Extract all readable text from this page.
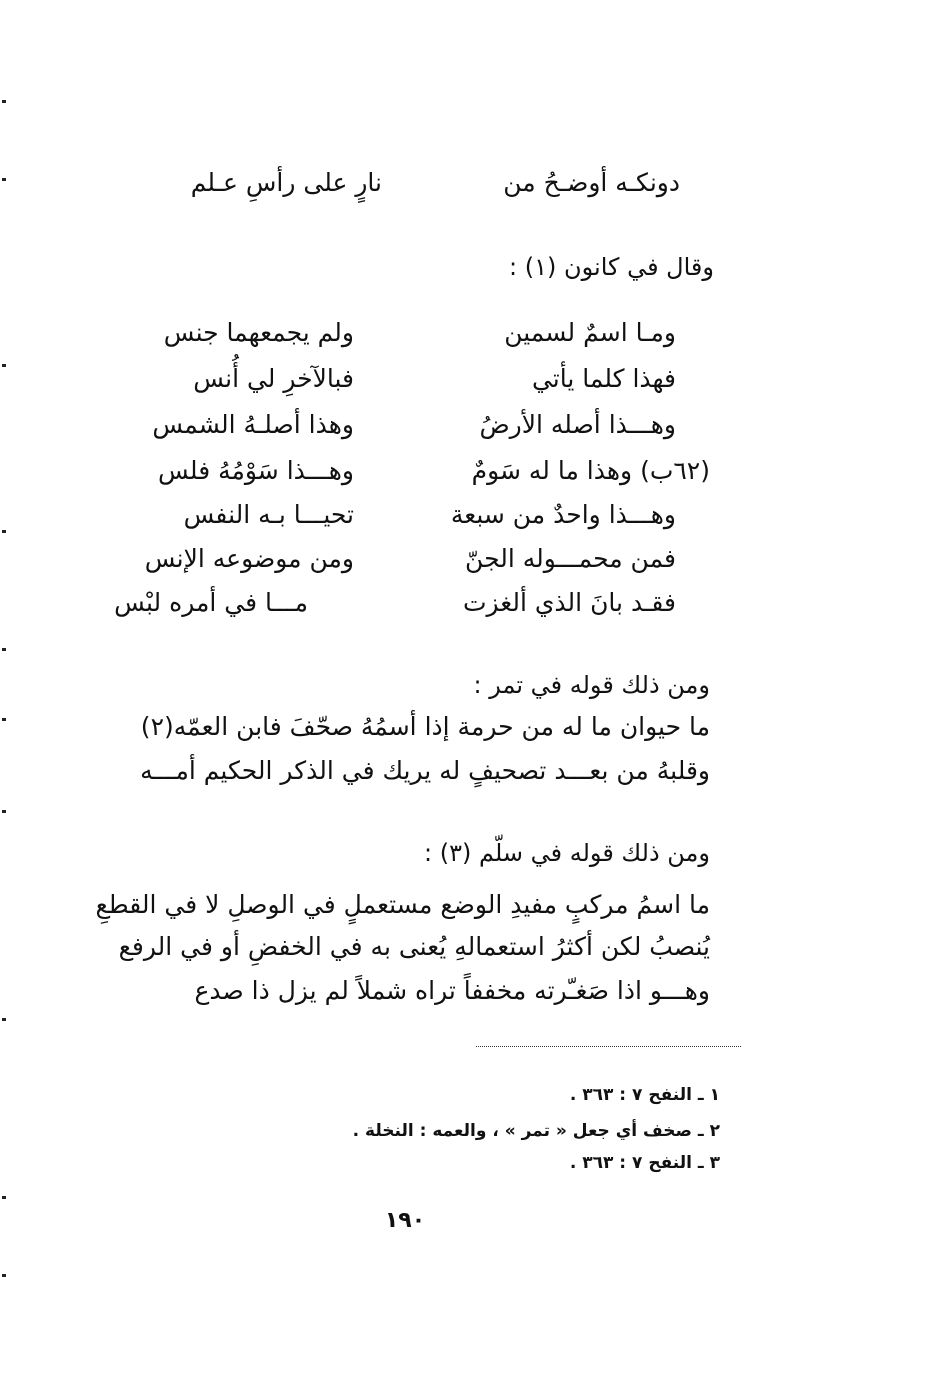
دونكـه أوضـحُ من
نارٍ على رأسِ عـلم
وقال في كانون (١) :
ومـا اسمٌ لسمين
ولم يجمعهما جنس
فهذا كلما يأتي
فبالآخرِ لي أُنس
وهـــذا أصله الأرضُ
وهذا أصلـهُ الشمس
(٦٢ب) وهذا ما له سَومٌ
وهـــذا سَوْمُهُ فلس
وهـــذا واحدٌ من سبعة
تحيـــا بـه النفس
فمن محمـــوله الجنّ
ومن موضوعه الإنس
فقـد بانَ الذي ألغزت
مـــا في أمره لبْس
ومن ذلك قوله في تمر :
ما حيوان ما له من حرمة إذا أسمُهُ صحّفَ فابن العمّه(٢)
وقلبهُ من بعـــد تصحيفٍ له يريك في الذكر الحكيم أمـــه
ومن ذلك قوله في سلّم (٣) :
ما اسمُ مركبٍ مفيدِ الوضع مستعملٍ في الوصلِ لا في القطعِ
يُنصبُ لكن أكثرُ استعمالهِ يُعنى به في الخفضِ أو في الرفع
وهـــو اذا صَغـّرته مخففاً تراه شملاً لم يزل ذا صدع
١ ـ النفح ٧ : ٣٦٣ .
٢ ـ صخف أي جعل « تمر » ، والعمه : النخلة .
٣ ـ النفح ٧ : ٣٦٣ .
١٩٠
